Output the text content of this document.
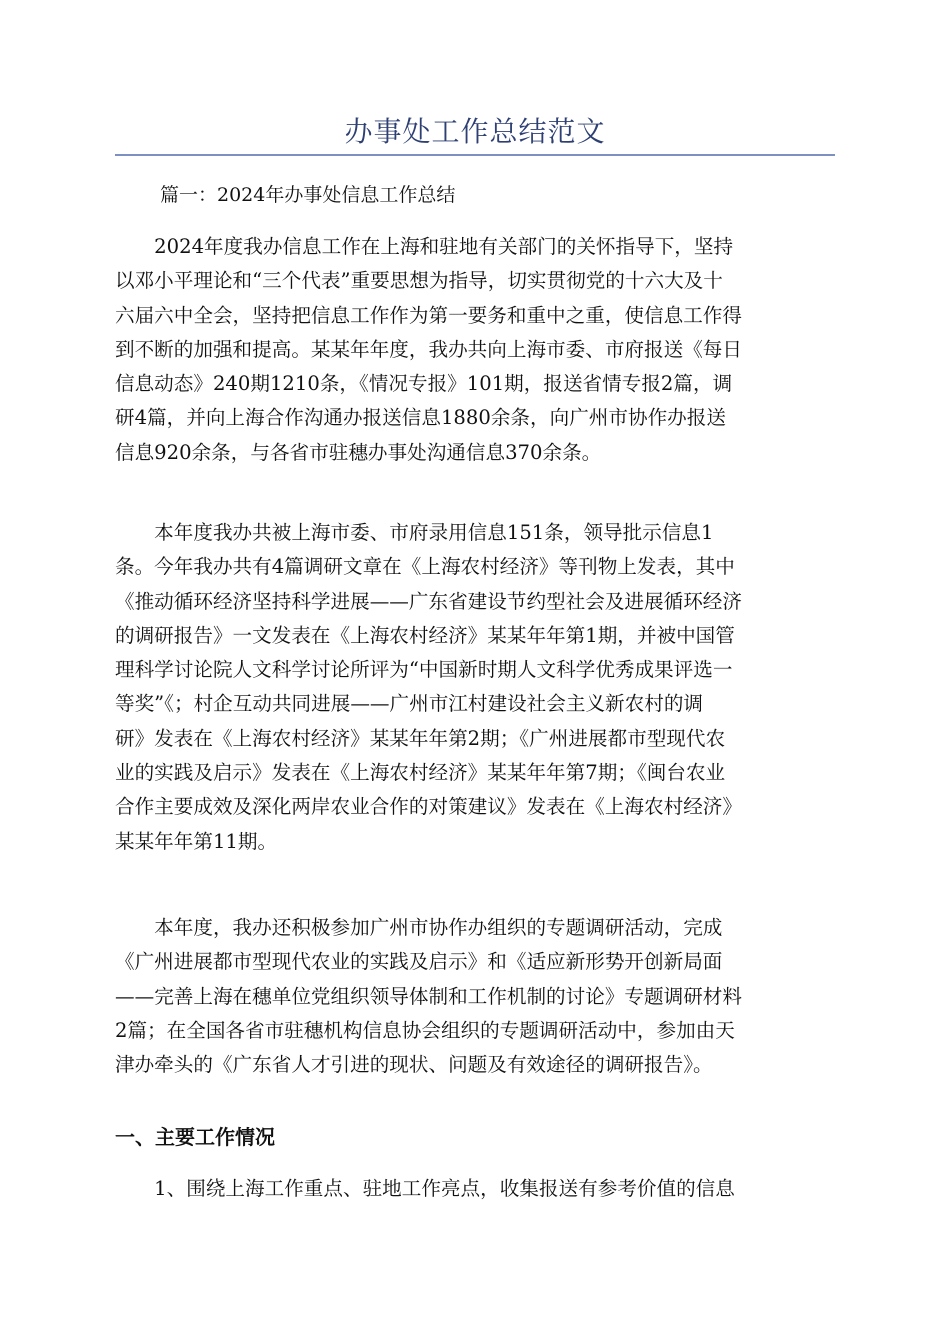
办事处工作总结范文
篇一：2024年办事处信息工作总结
　　2024年度我办信息工作在上海和驻地有关部门的关怀指导下，坚持
以邓小平理论和“三个代表”重要思想为指导，切实贯彻党的十六大及十
六届六中全会，坚持把信息工作作为第一要务和重中之重，使信息工作得
到不断的加强和提高。某某年年度，我办共向上海市委、市府报送《每日
信息动态》240期1210条，《情况专报》101期，报送省情专报2篇，调
研4篇，并向上海合作沟通办报送信息1880余条，向广州市协作办报送
信息920余条，与各省市驻穗办事处沟通信息370余条。
　　本年度我办共被上海市委、市府录用信息151条，领导批示信息1
条。今年我办共有4篇调研文章在《上海农村经济》等刊物上发表，其中
《推动循环经济坚持科学进展——广东省建设节约型社会及进展循环经济
的调研报告》一文发表在《上海农村经济》某某年年第1期，并被中国管
理科学讨论院人文科学讨论所评为“中国新时期人文科学优秀成果评选一
等奖”《；村企互动共同进展——广州市江村建设社会主义新农村的调
研》发表在《上海农村经济》某某年年第2期；《广州进展都市型现代农
业的实践及启示》发表在《上海农村经济》某某年年第7期；《闽台农业
合作主要成效及深化两岸农业合作的对策建议》发表在《上海农村经济》
某某年年第11期。
　　本年度，我办还积极参加广州市协作办组织的专题调研活动，完成
《广州进展都市型现代农业的实践及启示》和《适应新形势开创新局面
——完善上海在穗单位党组织领导体制和工作机制的讨论》专题调研材料
2篇；在全国各省市驻穗机构信息协会组织的专题调研活动中，参加由天
津办牵头的《广东省人才引进的现状、问题及有效途径的调研报告》。
一、主要工作情况
　　1、围绕上海工作重点、驻地工作亮点，收集报送有参考价值的信息
